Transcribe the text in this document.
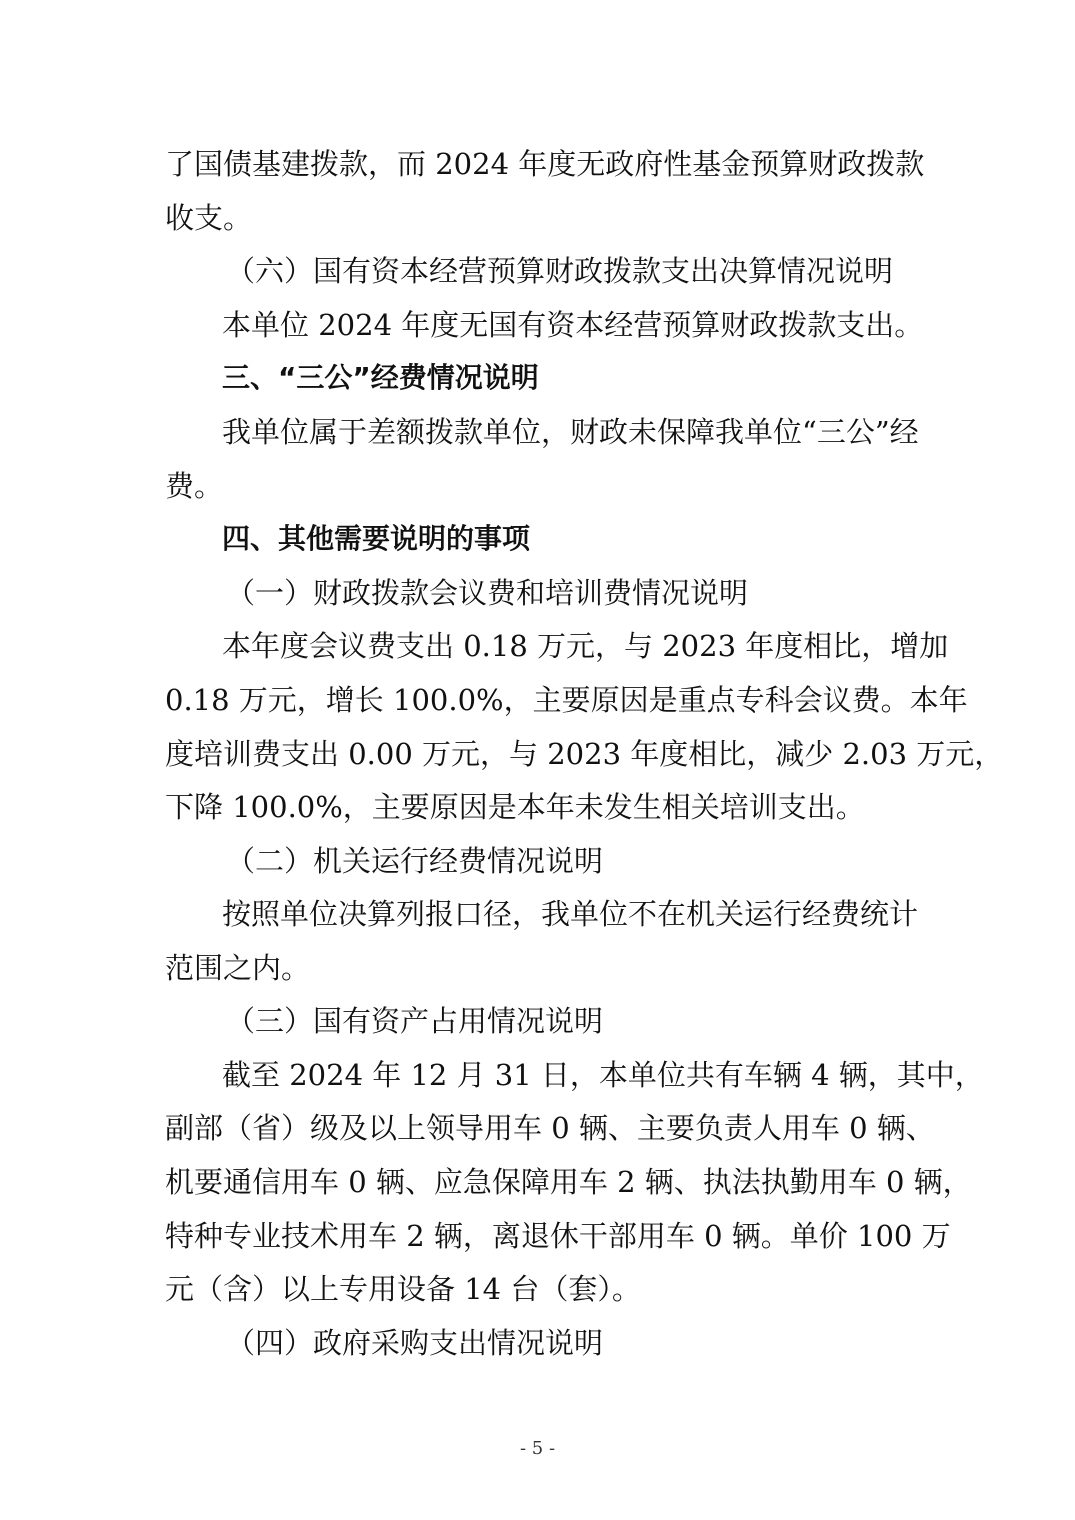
了国债基建拨款，而 2024 年度无政府性基金预算财政拨款

收支。

（六）国有资本经营预算财政拨款支出决算情况说明

本单位 2024 年度无国有资本经营预算财政拨款支出。

三、“三公”经费情况说明

我单位属于差额拨款单位，财政未保障我单位“三公”经

费。

四、其他需要说明的事项

（一）财政拨款会议费和培训费情况说明

本年度会议费支出 0.18 万元，与 2023 年度相比，增加

0.18 万元，增长 100.0%，主要原因是重点专科会议费。本年

度培训费支出 0.00 万元，与 2023 年度相比，减少 2.03 万元，

下降 100.0%，主要原因是本年未发生相关培训支出。

（二）机关运行经费情况说明

按照单位决算列报口径，我单位不在机关运行经费统计

范围之内。

（三）国有资产占用情况说明

截至 2024 年 12 月 31 日，本单位共有车辆 4 辆，其中，

副部（省）级及以上领导用车 0 辆、主要负责人用车 0 辆、

机要通信用车 0 辆、应急保障用车 2 辆、执法执勤用车 0 辆，

特种专业技术用车 2 辆，离退休干部用车 0 辆。单价 100 万

元（含）以上专用设备 14 台（套）。

（四）政府采购支出情况说明

- 5 -
